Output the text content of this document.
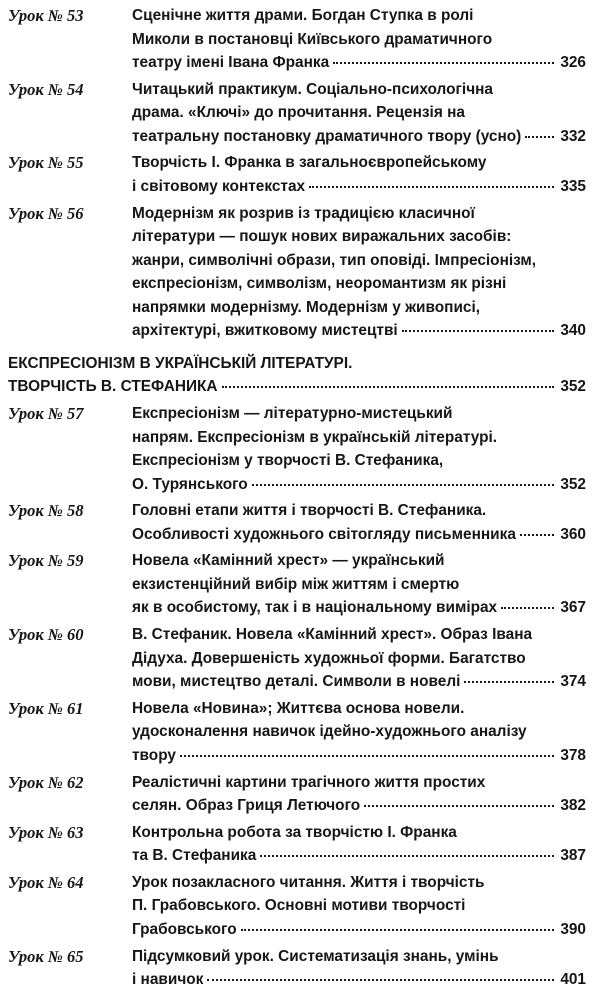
Урок № 53	Сценічне життя драми. Богдан Ступка в ролі
Миколи в постановці Київського драматичного
театру імені Івана Франка	326
Урок № 54	Читацький практикум. Соціально-психологічна
драма. «Ключі» до прочитання. Рецензія на
театральну постановку драматичного твору (усно)	332
Урок № 55	Творчість І. Франка в загальноєвропейському
і світовому контекстах	335
Урок № 56	Модернізм як розрив із традицією класичної
літератури — пошук нових виражальних засобів:
жанри, символічні образи, тип оповіді. Імпресіонізм,
експресіонізм, символізм, неоромантизм як різні
напрямки модернізму. Модернізм у живописі,
архітектурі, вжитковому мистецтві	340
ЕКСПРЕСІОНІЗМ В УКРАЇНСЬКІЙ ЛІТЕРАТУРІ.
ТВОРЧІСТЬ В. СТЕФАНИКА	352
Урок № 57	Експресіонізм — літературно-мистецький
напрям. Експресіонізм в українській літературі.
Експресіонізм у творчості В. Стефаника,
О. Турянського	352
Урок № 58	Головні етапи життя і творчості В. Стефаника.
Особливості художнього світогляду письменника	360
Урок № 59	Новела «Камінний хрест» — український
екзистенційний вибір між життям і смертю
як в особистому, так і в національному вимірах	367
Урок № 60	В. Стефаник. Новела «Камінний хрест». Образ Івана
Дідуха. Довершеність художньої форми. Багатство
мови, мистецтво деталі. Символи в новелі	374
Урок № 61	Новела «Новина»; Життєва основа новели.
удосконалення навичок ідейно-художнього аналізу
твору	378
Урок № 62	Реалістичні картини трагічного життя простих
селян. Образ Гриця Летючого	382
Урок № 63	Контрольна робота за творчістю І. Франка
та В. Стефаника	387
Урок № 64	Урок позакласного читання. Життя і творчість
П. Грабовського. Основні мотиви творчості
Грабовського	390
Урок № 65	Підсумковий урок. Систематизація знань, умінь
і навичок	401
